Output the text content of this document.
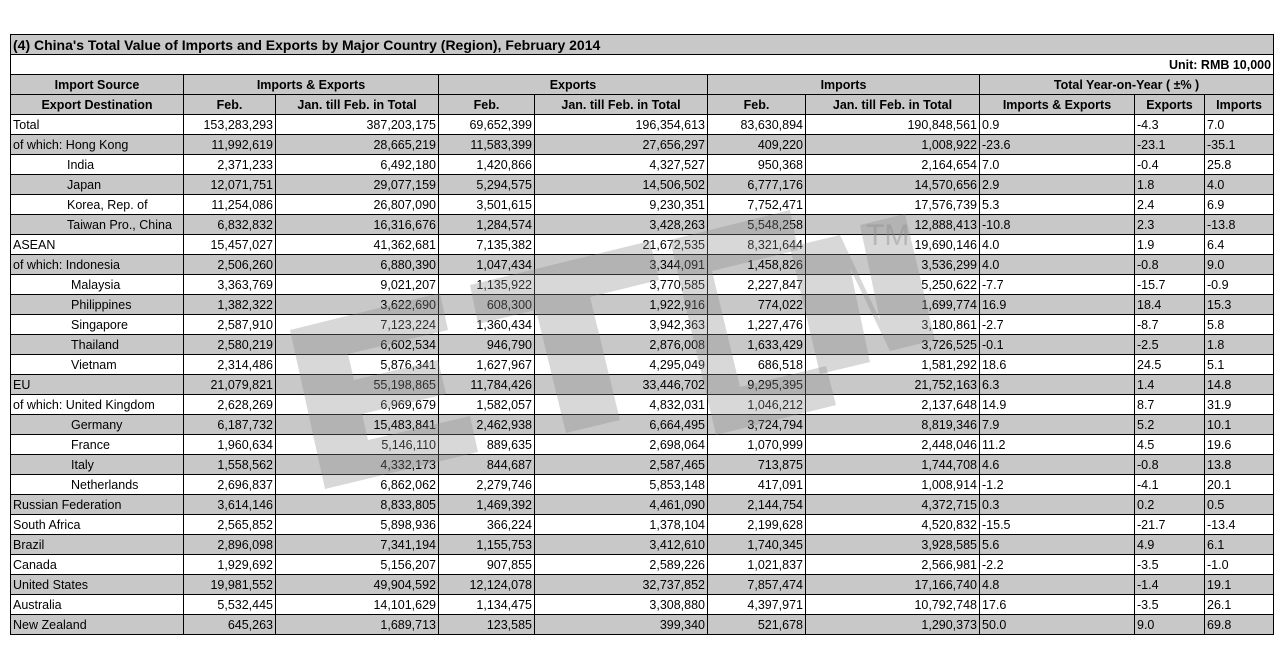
(4) China's Total Value of Imports and Exports by Major Country (Region), February 2014									
Unit: RMB 10,000									
Import Source	Imports & Exports		Exports		Imports		Total Year-on-Year ( ±% )		
Export Destination	Feb.	Jan. till Feb. in Total	Feb.	Jan. till Feb. in Total	Feb.	Jan. till Feb. in Total	Imports & Exports	Exports	Imports
Total	153,283,293	387,203,175	69,652,399	196,354,613	83,630,894	190,848,561	0.9	-4.3	7.0
of which: Hong Kong	11,992,619	28,665,219	11,583,399	27,656,297	409,220	1,008,922	-23.6	-23.1	-35.1
India	2,371,233	6,492,180	1,420,866	4,327,527	950,368	2,164,654	7.0	-0.4	25.8
Japan	12,071,751	29,077,159	5,294,575	14,506,502	6,777,176	14,570,656	2.9	1.8	4.0
Korea, Rep. of	11,254,086	26,807,090	3,501,615	9,230,351	7,752,471	17,576,739	5.3	2.4	6.9
Taiwan Pro., China	6,832,832	16,316,676	1,284,574	3,428,263	5,548,258	12,888,413	-10.8	2.3	-13.8
ASEAN	15,457,027	41,362,681	7,135,382	21,672,535	8,321,644	19,690,146	4.0	1.9	6.4
of which: Indonesia	2,506,260	6,880,390	1,047,434	3,344,091	1,458,826	3,536,299	4.0	-0.8	9.0
Malaysia	3,363,769	9,021,207	1,135,922	3,770,585	2,227,847	5,250,622	-7.7	-15.7	-0.9
Philippines	1,382,322	3,622,690	608,300	1,922,916	774,022	1,699,774	16.9	18.4	15.3
Singapore	2,587,910	7,123,224	1,360,434	3,942,363	1,227,476	3,180,861	-2.7	-8.7	5.8
Thailand	2,580,219	6,602,534	946,790	2,876,008	1,633,429	3,726,525	-0.1	-2.5	1.8
Vietnam	2,314,486	5,876,341	1,627,967	4,295,049	686,518	1,581,292	18.6	24.5	5.1
EU	21,079,821	55,198,865	11,784,426	33,446,702	9,295,395	21,752,163	6.3	1.4	14.8
of which: United Kingdom	2,628,269	6,969,679	1,582,057	4,832,031	1,046,212	2,137,648	14.9	8.7	31.9
Germany	6,187,732	15,483,841	2,462,938	6,664,495	3,724,794	8,819,346	7.9	5.2	10.1
France	1,960,634	5,146,110	889,635	2,698,064	1,070,999	2,448,046	11.2	4.5	19.6
Italy	1,558,562	4,332,173	844,687	2,587,465	713,875	1,744,708	4.6	-0.8	13.8
Netherlands	2,696,837	6,862,062	2,279,746	5,853,148	417,091	1,008,914	-1.2	-4.1	20.1
Russian Federation	3,614,146	8,833,805	1,469,392	4,461,090	2,144,754	4,372,715	0.3	0.2	0.5
South Africa	2,565,852	5,898,936	366,224	1,378,104	2,199,628	4,520,832	-15.5	-21.7	-13.4
Brazil	2,896,098	7,341,194	1,155,753	3,412,610	1,740,345	3,928,585	5.6	4.9	6.1
Canada	1,929,692	5,156,207	907,855	2,589,226	1,021,837	2,566,981	-2.2	-3.5	-1.0
United States	19,981,552	49,904,592	12,124,078	32,737,852	7,857,474	17,166,740	4.8	-1.4	19.1
Australia	5,532,445	14,101,629	1,134,475	3,308,880	4,397,971	10,792,748	17.6	-3.5	26.1
New Zealand	645,263	1,689,713	123,585	399,340	521,678	1,290,373	50.0	9.0	69.8
TM
ETCN
